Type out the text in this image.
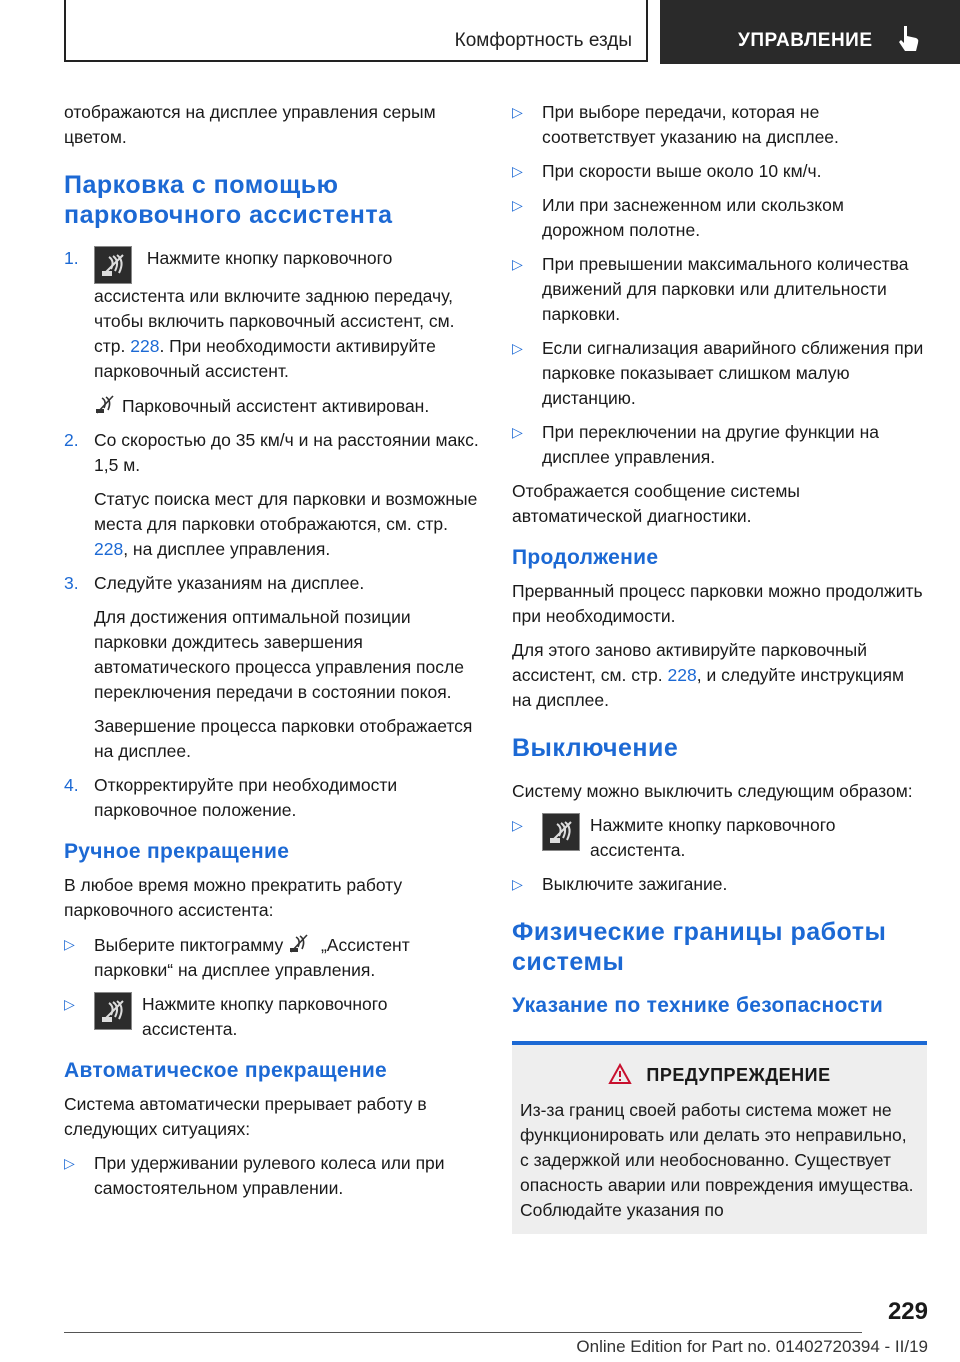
Комфортность езды	УПРАВЛЕНИЕ

отображаются на дисплее управления серым цветом.

Парковка с помощью парковочного ассистента
1.	Нажмите кнопку парковочного ассистента или включите заднюю передачу, чтобы включить парковочный ассистент, см. стр. 228. При необходимости активируйте парковочный ассистент.
Парковочный ассистент активирован.
2. Со скоростью до 35 км/ч и на расстоянии макс. 1,5 м.
Статус поиска мест для парковки и возможные места для парковки отображаются, см. стр. 228, на дисплее управления.
3. Следуйте указаниям на дисплее.
Для достижения оптимальной позиции парковки дождитесь завершения автоматического процесса управления после переключения передачи в состоянии покоя.
Завершение процесса парковки отображается на дисплее.
4. Откорректируйте при необходимости парковочное положение.
Ручное прекращение

В любое время можно прекратить работу парковочного ассистента:

▷ Выберите пиктограмму  „Ассистент парковки“ на дисплее управления.
▷	Нажмите кнопку парковочного ассистента.
Автоматическое прекращение

Система автоматически прерывает работу в следующих ситуациях:

▷ При удерживании рулевого колеса или при самостоятельном управлении.
▷ При выборе передачи, которая не соответствует указанию на дисплее.
▷ При скорости выше около 10 км/ч.
▷ Или при заснеженном или скользком дорожном полотне.
▷ При превышении максимального количества движений для парковки или длительности парковки.
▷ Если сигнализация аварийного сближения при парковке показывает слишком малую дистанцию.
▷ При переключении на другие функции на дисплее управления.

Отображается сообщение системы автоматической диагностики.

Продолжение

Прерванный процесс парковки можно продолжить при необходимости.

Для этого заново активируйте парковочный ассистент, см. стр. 228, и следуйте инструкциям на дисплее.

Выключение

Систему можно выключить следующим образом:

▷	Нажмите кнопку парковочного ассистента.
▷ Выключите зажигание.
Физические границы работы системы
Указание по технике безопасности
ПРЕДУПРЕЖДЕНИЕ

Из-за границ своей работы система может не функционировать или делать это неправильно, с задержкой или необоснованно. Существует опасность аварии или повреждения имущества. Соблюдайте указания по

229
Online Edition for Part no. 01402720394 - II/19
